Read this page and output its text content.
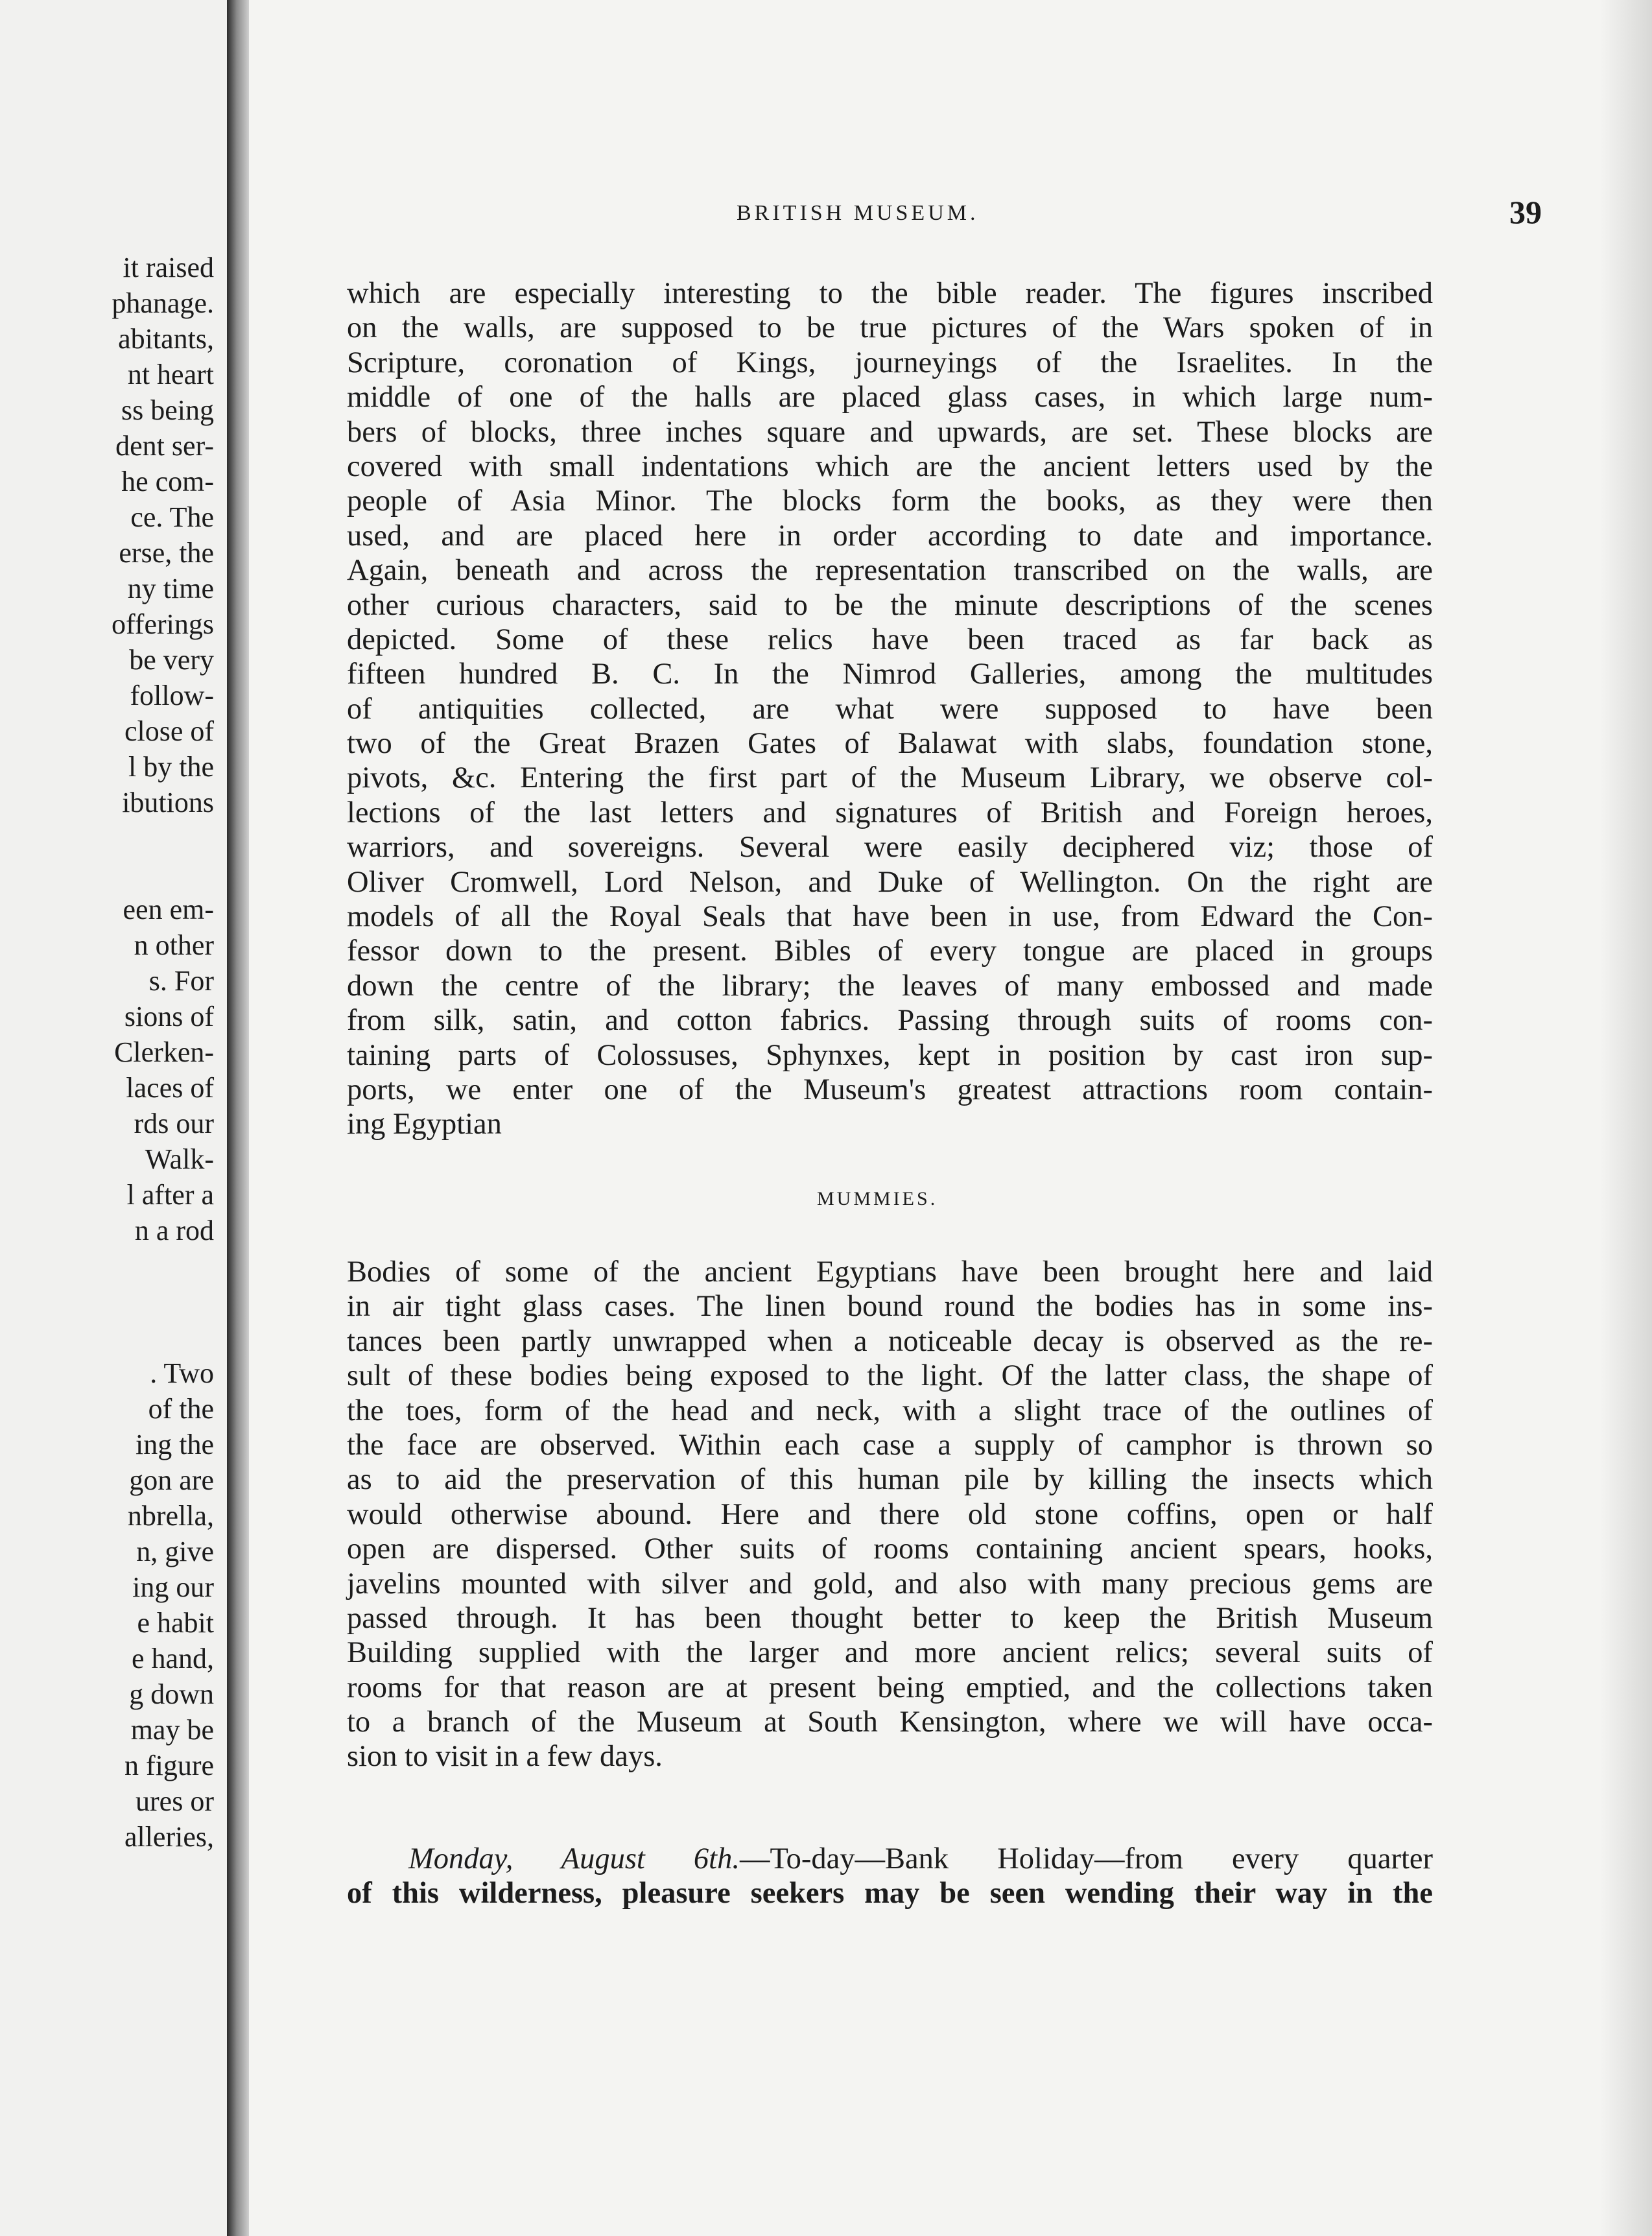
it raised
phanage.
abitants,
nt heart
ss being
dent ser-
he com-
ce. The
erse, the
ny time
offerings
be very
follow-
close of
l by the
ibutions
een em-
n other
s. For
sions of
Clerken-
laces of
rds our
Walk-
l after a
n a rod
. Two
of the
ing the
gon are
nbrella,
n, give
ing our
e habit
e hand,
g down
may be
n figure
ures or
alleries,
BRITISH MUSEUM.	39
which are especially interesting to the bible reader. The figures inscribed
on the walls, are supposed to be true pictures of the Wars spoken of in
Scripture, coronation of Kings, journeyings of the Israelites. In the
middle of one of the halls are placed glass cases, in which large num-
bers of blocks, three inches square and upwards, are set. These blocks are
covered with small indentations which are the ancient letters used by the
people of Asia Minor. The blocks form the books, as they were then
used, and are placed here in order according to date and importance.
Again, beneath and across the representation transcribed on the walls, are
other curious characters, said to be the minute descriptions of the scenes
depicted. Some of these relics have been traced as far back as
fifteen hundred B. C. In the Nimrod Galleries, among the multitudes
of antiquities collected, are what were supposed to have been
two of the Great Brazen Gates of Balawat with slabs, foundation stone,
pivots, &c. Entering the first part of the Museum Library, we observe col-
lections of the last letters and signatures of British and Foreign heroes,
warriors, and sovereigns. Several were easily deciphered viz; those of
Oliver Cromwell, Lord Nelson, and Duke of Wellington. On the right are
models of all the Royal Seals that have been in use, from Edward the Con-
fessor down to the present. Bibles of every tongue are placed in groups
down the centre of the library; the leaves of many embossed and made
from silk, satin, and cotton fabrics. Passing through suits of rooms con-
taining parts of Colossuses, Sphynxes, kept in position by cast iron sup-
ports, we enter one of the Museum's greatest attractions room contain-
ing Egyptian
MUMMIES.
Bodies of some of the ancient Egyptians have been brought here and laid
in air tight glass cases. The linen bound round the bodies has in some ins-
tances been partly unwrapped when a noticeable decay is observed as the re-
sult of these bodies being exposed to the light. Of the latter class, the shape of
the toes, form of the head and neck, with a slight trace of the outlines of
the face are observed. Within each case a supply of camphor is thrown so
as to aid the preservation of this human pile by killing the insects which
would otherwise abound. Here and there old stone coffins, open or half
open are dispersed. Other suits of rooms containing ancient spears, hooks,
javelins mounted with silver and gold, and also with many precious gems are
passed through. It has been thought better to keep the British Museum
Building supplied with the larger and more ancient relics; several suits of
rooms for that reason are at present being emptied, and the collections taken
to a branch of the Museum at South Kensington, where we will have occa-
sion to visit in a few days.
Monday, August 6th.—To-day—Bank Holiday—from every quarter
of this wilderness, pleasure seekers may be seen wending their way in the
